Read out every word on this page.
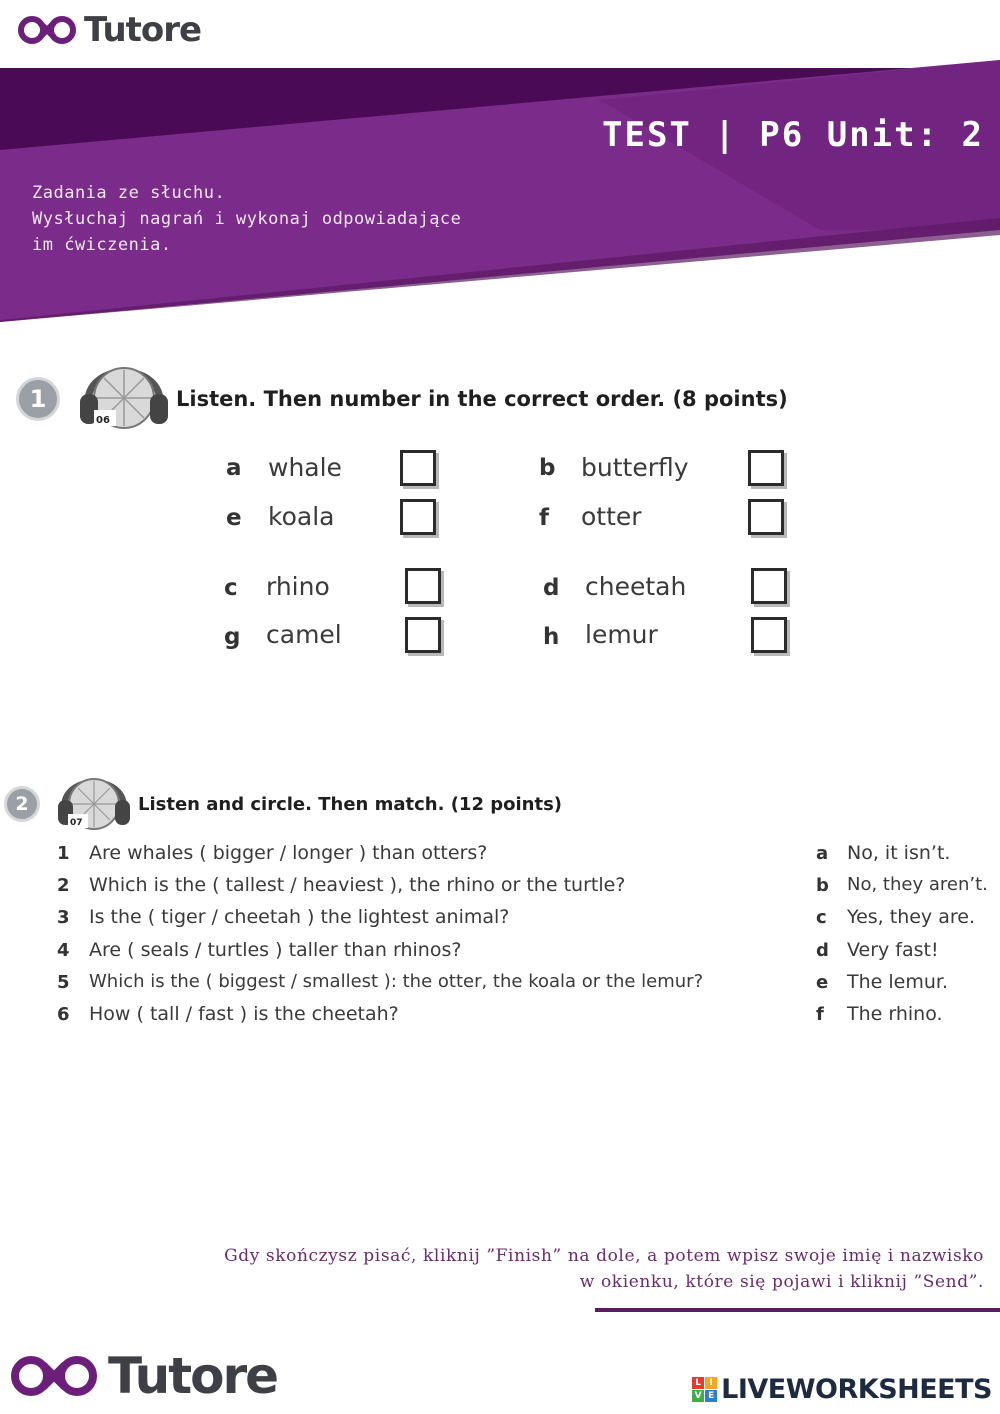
Tutore
TEST | P6 Unit: 2
Zadania ze słuchu.
Wysłuchaj nagrań i wykonaj odpowiadające
im ćwiczenia.
1
06
Listen. Then number in the correct order. (8 points)
a whale	b butterfly
e koala	f otter
c rhino	d cheetah
g camel	h lemur
2
07
Listen and circle. Then match. (12 points)
1 Are whales ( bigger / longer ) than otters?
2 Which is the ( tallest / heaviest ), the rhino or the turtle?
3 Is the ( tiger / cheetah ) the lightest animal?
4 Are ( seals / turtles ) taller than rhinos?
5 Which is the ( biggest / smallest ): the otter, the koala or the lemur?
6 How ( tall / fast ) is the cheetah?
a No, it isn’t.
b No, they aren’t.
c Yes, they are.
d Very fast!
e The lemur.
f The rhino.
Gdy skończysz pisać, kliknij ”Finish” na dole, a potem wpisz swoje imię i nazwisko
w okienku, które się pojawi i kliknij ”Send”.
Tutore	L I
V E LIVEWORKSHEETS
